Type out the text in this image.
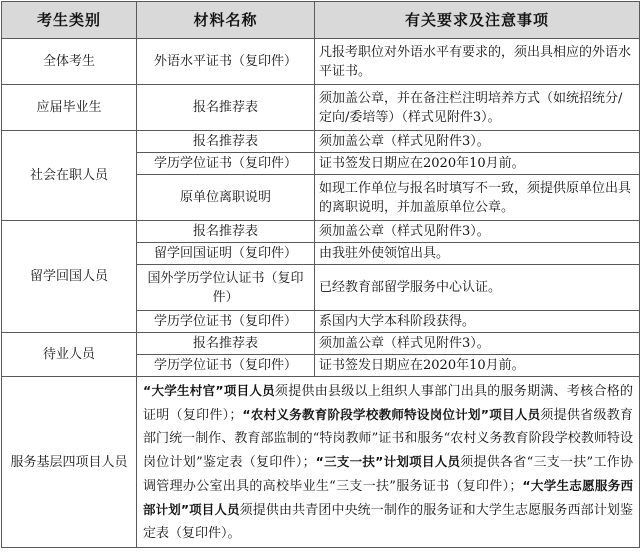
考生类别	材料名称	有关要求及注意事项
全体考生	外语水平证书（复印件）	凡报考职位对外语水平有要求的，须出具相应的外语水平证书。
应届毕业生	报名推荐表	须加盖公章，并在备注栏注明培养方式（如统招统分/定向/委培等）（样式见附件3）。
社会在职人员	报名推荐表	须加盖公章（样式见附件3）。
	学历学位证书（复印件）	证书签发日期应在2020年10月前。
	原单位离职说明	如现工作单位与报名时填写不一致，须提供原单位出具的离职说明，并加盖原单位公章。
留学回国人员	报名推荐表	须加盖公章（样式见附件3）。
	留学回国证明（复印件）	由我驻外使领馆出具。
	国外学历学位认证书（复印件）	已经教育部留学服务中心认证。
	学历学位证书（复印件）	系国内大学本科阶段获得。
待业人员	报名推荐表	须加盖公章（样式见附件3）。
	学历学位证书（复印件）	证书签发日期应在2020年10月前。
服务基层四项目人员	“大学生村官”项目人员须提供由县级以上组织人事部门出具的服务期满、考核合格的证明（复印件）；“农村义务教育阶段学校教师特设岗位计划”项目人员须提供省级教育部门统一制作、教育部监制的“特岗教师”证书和服务“农村义务教育阶段学校教师特设岗位计划”鉴定表（复印件）；“三支一扶”计划项目人员须提供各省“三支一扶”工作协调管理办公室出具的高校毕业生“三支一扶”服务证书（复印件）；“大学生志愿服务西部计划”项目人员须提供由共青团中央统一制作的服务证和大学生志愿服务西部计划鉴定表（复印件）。	
